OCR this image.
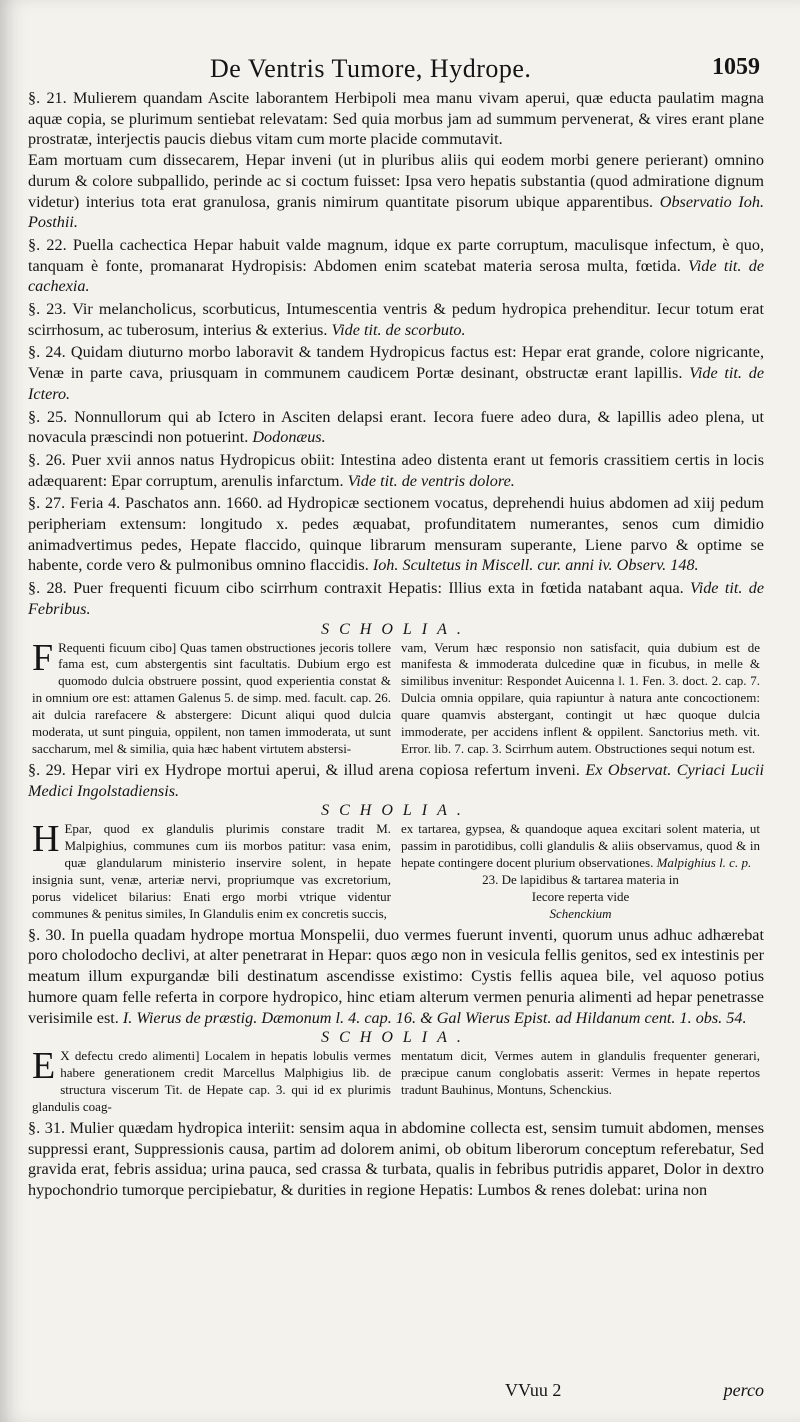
De Ventris Tumore, Hydrope.	1059

§. 21. Mulierem quandam Ascite laborantem Herbipoli mea manu vivam aperui, quæ educta paulatim magna aquæ copia, se plurimum sentiebat relevatam: Sed quia morbus jam ad summum pervenerat, & vires erant plane prostratæ, interjectis paucis diebus vitam cum morte placide commutavit.

Eam mortuam cum dissecarem, Hepar inveni (ut in pluribus aliis qui eodem morbi genere perierant) omnino durum & colore subpallido, perinde ac si coctum fuisset: Ipsa vero hepatis substantia (quod admiratione dignum videtur) interius tota erat granulosa, granis nimirum quantitate pisorum ubique apparentibus. Observatio Ioh. Posthii.

§. 22. Puella cachectica Hepar habuit valde magnum, idque ex parte corruptum, maculisque infectum, è quo, tanquam è fonte, promanarat Hydropisis: Abdomen enim scatebat materia serosa multa, fœtida. Vide tit. de cachexia.

§. 23. Vir melancholicus, scorbuticus, Intumescentia ventris & pedum hydropica prehenditur. Iecur totum erat scirrhosum, ac tuberosum, interius & exterius. Vide tit. de scorbuto.

§. 24. Quidam diuturno morbo laboravit & tandem Hydropicus factus est: Hepar erat grande, colore nigricante, Venæ in parte cava, priusquam in communem caudicem Portæ desinant, obstructæ erant lapillis. Vide tit. de Ictero.

§. 25. Nonnullorum qui ab Ictero in Asciten delapsi erant. Iecora fuere adeo dura, & lapillis adeo plena, ut novacula præscindi non potuerint. Dodonæus.

§. 26. Puer xvii annos natus Hydropicus obiit: Intestina adeo distenta erant ut femoris crassitiem certis in locis adæquarent: Epar corruptum, arenulis infarctum. Vide tit. de ventris dolore.

§. 27. Feria 4. Paschatos ann. 1660. ad Hydropicæ sectionem vocatus, deprehendi huius abdomen ad xiij pedum peripheriam extensum: longitudo x. pedes æquabat, profunditatem numerantes, senos cum dimidio animadvertimus pedes, Hepate flaccido, quinque librarum mensuram superante, Liene parvo & optime se habente, corde vero & pulmonibus omnino flaccidis. Ioh. Scultetus in Miscell. cur. anni iv. Observ. 148.

§. 28. Puer frequenti ficuum cibo scirrhum contraxit Hepatis: Illius exta in fœtida natabant aqua. Vide tit. de Febribus.

SCHOLIA.

F Requenti ficuum cibo] Quas tamen obstructiones jecoris tollere fama est, cum abstergentis sint facultatis. Dubium ergo est quomodo dulcia obstruere possint, quod experientia constat & in omnium ore est: attamen Galenus 5. de simp. med. facult. cap. 26. ait dulcia rarefacere & abstergere: Dicunt aliqui quod dulcia moderata, ut sunt pinguia, oppilent, non tamen immoderata, ut sunt saccharum, mel & similia, quia hæc habent virtutem abstersi-
vam, Verum hæc responsio non satisfacit, quia dubium est de manifesta & immoderata dulcedine quæ in ficubus, in melle & similibus invenitur: Respondet Auicenna l. 1. Fen. 3. doct. 2. cap. 7. Dulcia omnia oppilare, quia rapiuntur à natura ante concoctionem: quare quamvis abstergant, contingit ut hæc quoque dulcia immoderate, per accidens inflent & oppilent. Sanctorius meth. vit. Error. lib. 7. cap. 3. Scirrhum autem. Obstructiones sequi notum est.

§. 29. Hepar viri ex Hydrope mortui aperui, & illud arena copiosa refertum inveni. Ex Observat. Cyriaci Lucii Medici Ingolstadiensis.

SCHOLIA.

H Epar, quod ex glandulis plurimis constare tradit M. Malpighius, communes cum iis morbos patitur: vasa enim, quæ glandularum ministerio inservire solent, in hepate insignia sunt, venæ, arteriæ nervi, propriumque vas excretorium, porus videlicet bilarius: Enati ergo morbi vtrique videntur communes & penitus similes, In Glandulis enim ex concretis succis,
ex tartarea, gypsea, & quandoque aquea excitari solent materia, ut passim in parotidibus, colli glandulis & aliis observamus, quod & in hepate contingere docent plurium observationes. Malpighius l. c. p.
23. De lapidibus & tartarea materia in
Iecore reperta vide
Schenckium

§. 30. In puella quadam hydrope mortua Monspelii, duo vermes fuerunt inventi, quorum unus adhuc adhærebat poro cholodocho declivi, at alter penetrarat in Hepar: quos ægo non in vesicula fellis genitos, sed ex intestinis per meatum illum expurgandæ bili destinatum ascendisse existimo: Cystis fellis aquea bile, vel aquoso potius humore quam felle referta in corpore hydropico, hinc etiam alterum vermen penuria alimenti ad hepar penetrasse verisimile est. I. Wierus de præstig. Dæmonum l. 4. cap. 16. & Gal Wierus Epist. ad Hildanum cent. 1. obs. 54.

SCHOLIA.

E X defectu credo alimenti] Localem in hepatis lobulis vermes habere generationem credit Marcellus Malphigius lib. de structura viscerum Tit. de Hepate cap. 3. qui id ex plurimis glandulis coag-
mentatum dicit, Vermes autem in glandulis frequenter generari, præcipue canum conglobatis asserit: Vermes in hepate repertos tradunt Bauhinus, Montuns, Schenckius.

§. 31. Mulier quædam hydropica interiit: sensim aqua in abdomine collecta est, sensim tumuit abdomen, menses suppressi erant, Suppressionis causa, partim ad dolorem animi, ob obitum liberorum conceptum referebatur, Sed gravida erat, febris assidua; urina pauca, sed crassa & turbata, qualis in febribus putridis apparet, Dolor in dextro hypochondrio tumorque percipiebatur, & durities in regione Hepatis: Lumbos & renes dolebat: urina non

VVuu 2	perco
